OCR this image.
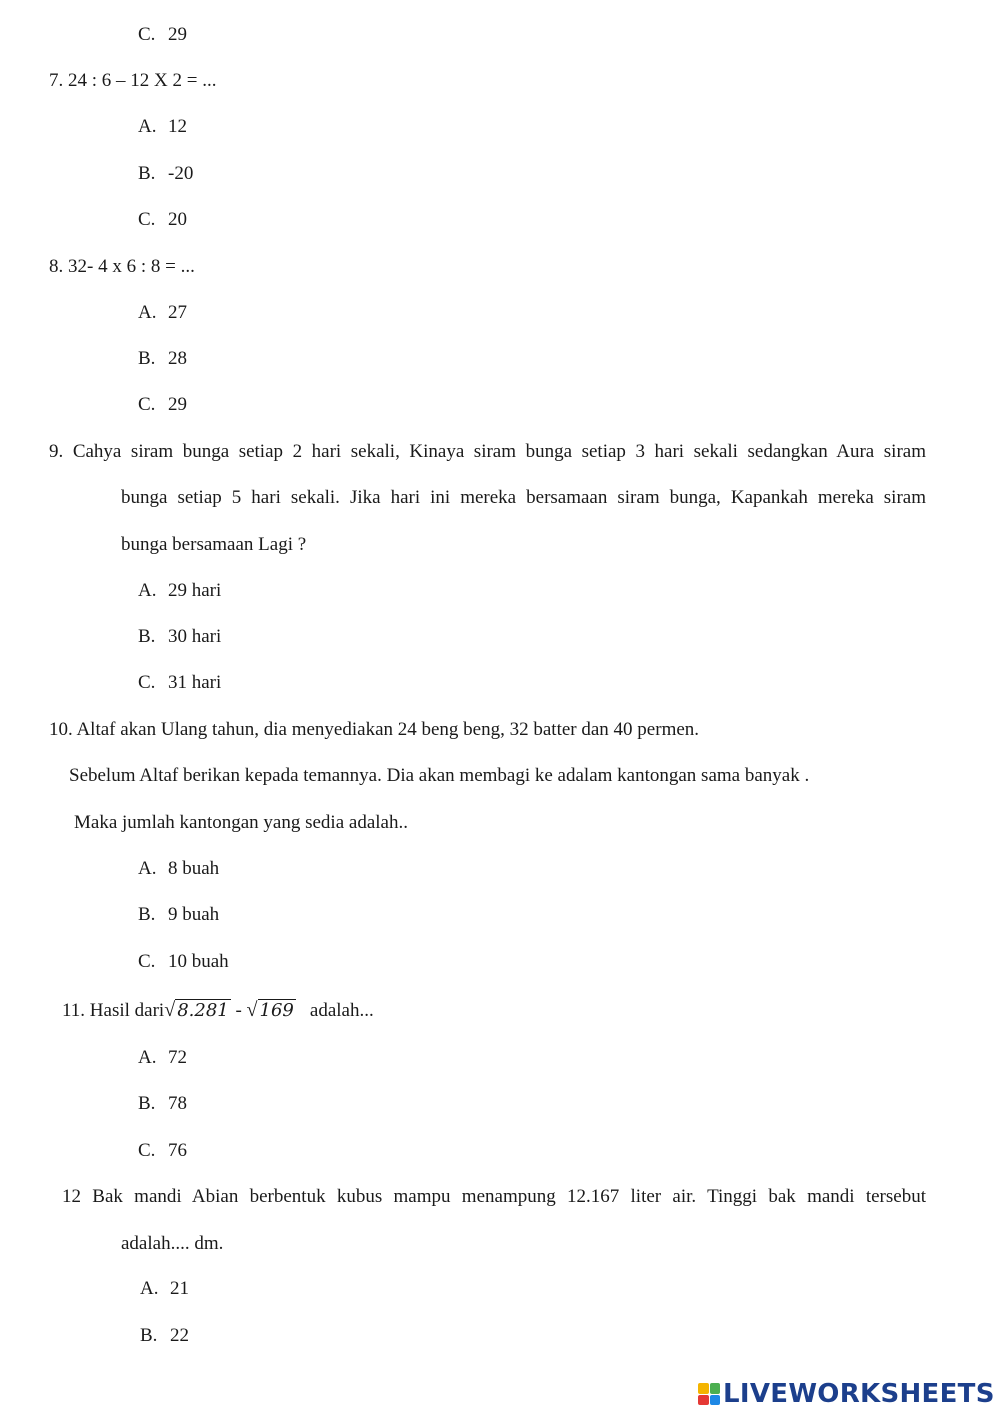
C. 29
7. 24 : 6 – 12 X 2 = ...
A. 12
B. -20
C. 20
8. 32- 4 x 6 : 8 = ...
A. 27
B. 28
C. 29
9. Cahya siram bunga setiap 2 hari sekali, Kinaya siram bunga setiap 3 hari sekali sedangkan Aura siram
bunga setiap 5 hari sekali. Jika hari ini mereka bersamaan siram bunga, Kapankah mereka siram
bunga bersamaan Lagi ?
A. 29 hari
B. 30 hari
C. 31 hari
10. Altaf akan Ulang tahun, dia menyediakan 24 beng beng, 32 batter dan 40 permen.
Sebelum Altaf berikan kepada temannya. Dia akan membagi ke adalam kantongan sama banyak .
Maka jumlah kantongan yang sedia adalah..
A. 8 buah
B. 9 buah
C. 10 buah
11. Hasil dari√ 8.281 - √ 169 adalah...
A. 72
B. 78
C. 76
12 Bak mandi Abian berbentuk kubus mampu menampung 12.167 liter air. Tinggi bak mandi tersebut
adalah.... dm.
A. 21
B. 22
LIVEWORKSHEETS
